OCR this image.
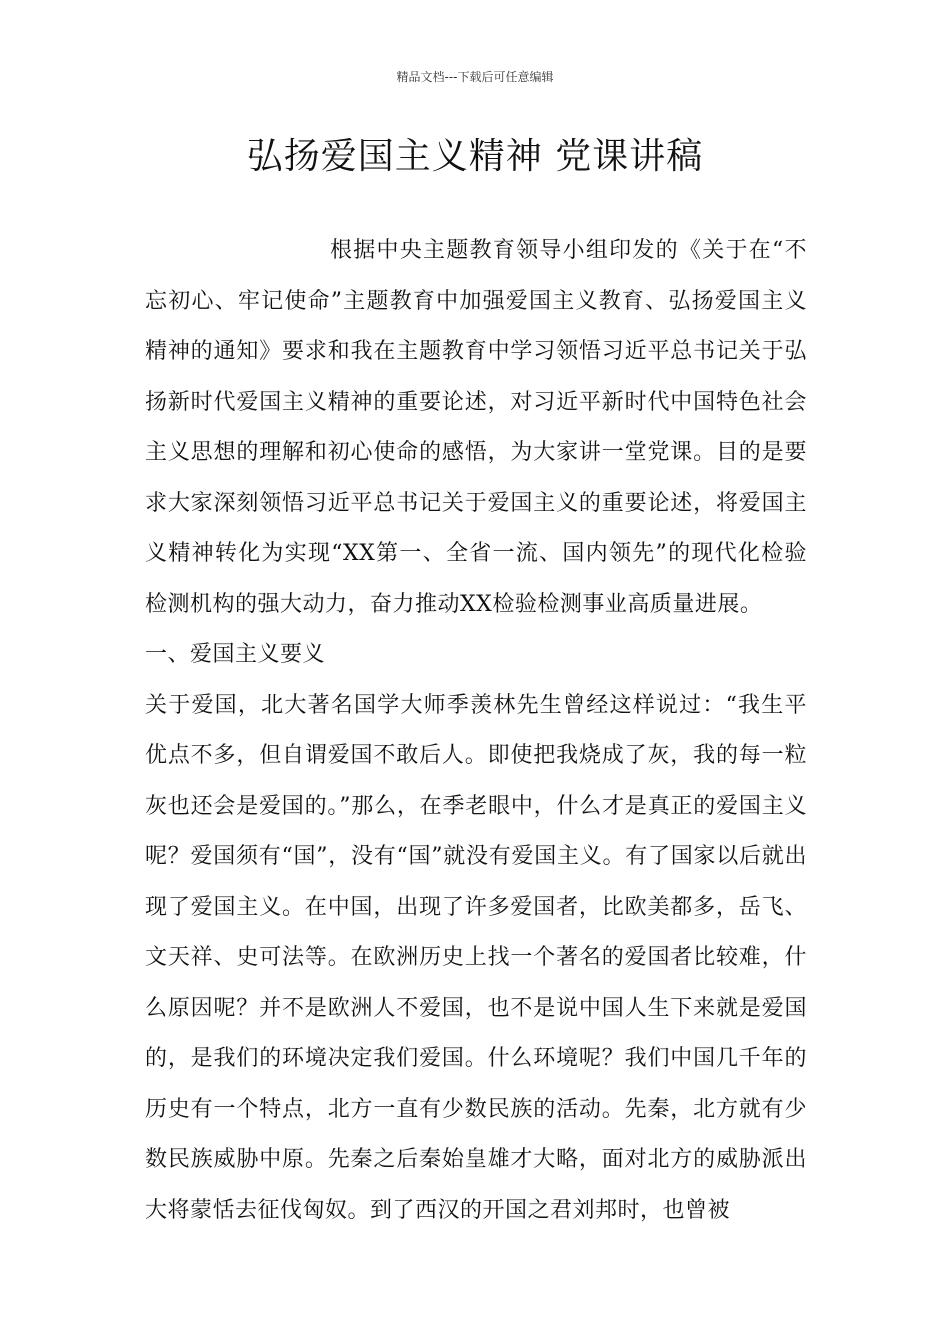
精品文档---下载后可任意编辑
弘扬爱国主义精神 党课讲稿

根据中央主题教育领导小组印发的《关于在“不忘初心、牢记使命”主题教育中加强爱国主义教育、弘扬爱国主义精神的通知》要求和我在主题教育中学习领悟习近平总书记关于弘扬新时代爱国主义精神的重要论述，对习近平新时代中国特色社会主义思想的理解和初心使命的感悟，为大家讲一堂党课。目的是要求大家深刻领悟习近平总书记关于爱国主义的重要论述，将爱国主义精神转化为实现“XX第一、全省一流、国内领先”的现代化检验检测机构的强大动力，奋力推动XX检验检测事业高质量进展。

一、爱国主义要义

关于爱国，北大著名国学大师季羡林先生曾经这样说过：“我生平优点不多，但自谓爱国不敢后人。即使把我烧成了灰，我的每一粒灰也还会是爱国的。”那么，在季老眼中，什么才是真正的爱国主义呢？爱国须有“国”，没有“国”就没有爱国主义。有了国家以后就出现了爱国主义。在中国，出现了许多爱国者，比欧美都多，岳飞、文天祥、史可法等。在欧洲历史上找一个著名的爱国者比较难，什么原因呢？并不是欧洲人不爱国，也不是说中国人生下来就是爱国的，是我们的环境决定我们爱国。什么环境呢？我们中国几千年的历史有一个特点，北方一直有少数民族的活动。先秦，北方就有少数民族威胁中原。先秦之后秦始皇雄才大略，面对北方的威胁派出大将蒙恬去征伐匈奴。到了西汉的开国之君刘邦时，也曾被
